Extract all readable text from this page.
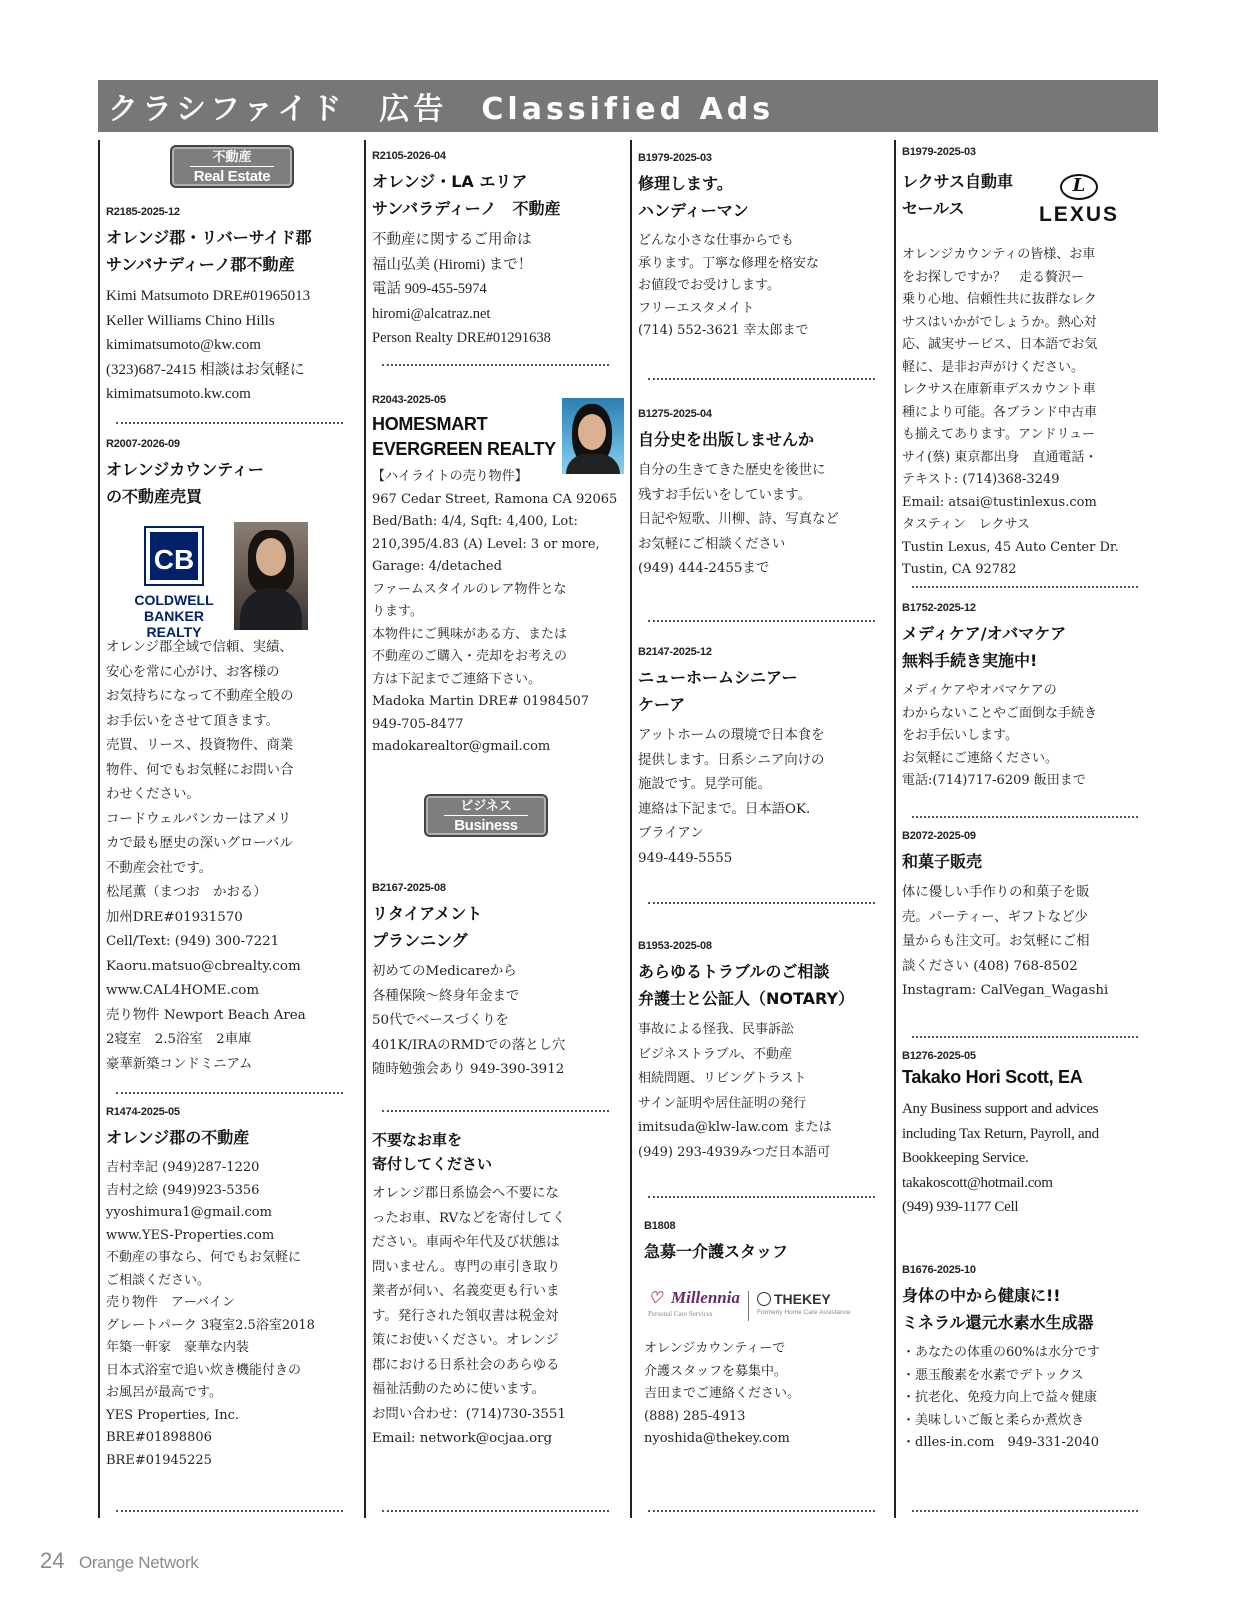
クラシファイド　広告　Classified Ads
不動産
Real Estate
R2185-2025-12
オレンジ郡・リバーサイド郡
サンバナディーノ郡不動産
Kimi Matsumoto DRE#01965013
Keller Williams Chino Hills
kimimatsumoto@kw.com
(323)687-2415 相談はお気軽に
kimimatsumoto.kw.com
R2007-2026-09
オレンジカウンティー
の不動産売買
CB
COLDWELL
BANKER
REALTY
オレンジ郡全域で信頼、実績、
安心を常に心がけ、お客様の
お気持ちになって不動産全般の
お手伝いをさせて頂きます。
売買、リース、投資物件、商業
物件、何でもお気軽にお問い合
わせください。
コードウェルバンカーはアメリ
カで最も歴史の深いグローバル
不動産会社です。
松尾薫（まつお　かおる）
加州DRE#01931570
Cell/Text: (949) 300-7221
Kaoru.matsuo@cbrealty.com
www.CAL4HOME.com
売り物件 Newport Beach Area
2寝室　2.5浴室　2車庫
豪華新築コンドミニアム
R1474-2025-05
オレンジ郡の不動産
吉村幸記 (949)287-1220
吉村之絵 (949)923-5356
yyoshimura1@gmail.com
www.YES-Properties.com
不動産の事なら、何でもお気軽に
ご相談ください。
売り物件　アーバイン
グレートパーク 3寝室2.5浴室2018
年築一軒家　豪華な内装
日本式浴室で追い炊き機能付きの
お風呂が最高です。
YES Properties, Inc.
BRE#01898806
BRE#01945225
R2105-2026-04
オレンジ・LA エリア
サンバラディーノ　不動産
不動産に関するご用命は
福山弘美 (Hiromi) まで！
電話 909-455-5974
hiromi@alcatraz.net
Person Realty DRE#01291638
R2043-2025-05
HOMESMART
EVERGREEN REALTY
【ハイライトの売り物件】
967 Cedar Street, Ramona CA 92065
Bed/Bath: 4/4, Sqft: 4,400, Lot:
210,395/4.83 (A) Level: 3 or more,
Garage: 4/detached
ファームスタイルのレア物件とな
ります。
本物件にご興味がある方、または
不動産のご購入・売却をお考えの
方は下記までご連絡下さい。
Madoka Martin DRE# 01984507
949-705-8477
madokarealtor@gmail.com
ビジネス
Business
B2167-2025-08
リタイアメント
プランニング
初めてのMedicareから
各種保険〜終身年金まで
50代でベースづくりを
401K/IRAのRMDでの落とし穴
随時勉強会あり 949-390-3912
不要なお車を
寄付してください
オレンジ郡日系協会へ不要にな
ったお車、RVなどを寄付してく
ださい。車両や年代及び状態は
問いません。専門の車引き取り
業者が伺い、名義変更も行いま
す。発行された領収書は税金対
策にお使いください。オレンジ
郡における日系社会のあらゆる
福祉活動のために使います。
お問い合わせ：(714)730-3551
Email: network@ocjaa.org
B1979-2025-03
修理します。
ハンディーマン
どんな小さな仕事からでも
承ります。丁寧な修理を格安な
お値段でお受けします。
フリーエスタメイト
(714) 552-3621 幸太郎まで
B1275-2025-04
自分史を出版しませんか
自分の生きてきた歴史を後世に
残すお手伝いをしています。
日記や短歌、川柳、詩、写真など
お気軽にご相談ください
(949) 444-2455まで
B2147-2025-12
ニューホームシニアー
ケーア
アットホームの環境で日本食を
提供します。日系シニア向けの
施設です。見学可能。
連絡は下記まで。日本語OK.
ブライアン
949-449-5555
B1953-2025-08
あらゆるトラブルのご相談
弁護士と公証人（NOTARY）
事故による怪我、民事訴訟
ビジネストラブル、不動産
相続問題、リビングトラスト
サイン証明や居住証明の発行
imitsuda@klw-law.com または
(949) 293-4939みつだ日本語可
B1808
急募一介護スタッフ
♡ Millennia
Personal Care Services
THEKEY
Formerly Home Care Assistance
オレンジカウンティーで
介護スタッフを募集中。
吉田までご連絡ください。
(888) 285-4913
nyoshida@thekey.com
B1979-2025-03
レクサス自動車
セールス
L
LEXUS
オレンジカウンティの皆様、お車
をお探しですか？　走る贅沢ー
乗り心地、信頼性共に抜群なレク
サスはいかがでしょうか。熱心対
応、誠実サービス、日本語でお気
軽に、是非お声がけください。
レクサス在庫新車デスカウント車
種により可能。各ブランド中古車
も揃えてあります。アンドリュー
サイ(蔡) 東京都出身　直通電話・
テキスト: (714)368-3249
Email: atsai@tustinlexus.com
タスティン　レクサス
Tustin Lexus, 45 Auto Center Dr.
Tustin, CA 92782
B1752-2025-12
メディケア/オバマケア
無料手続き実施中!
メディケアやオバマケアの
わからないことやご面倒な手続き
をお手伝いします。
お気軽にご連絡ください。
電話:(714)717-6209 飯田まで
B2072-2025-09
和菓子販売
体に優しい手作りの和菓子を販
売。パーティー、ギフトなど少
量からも注文可。お気軽にご相
談ください (408) 768-8502
Instagram: CalVegan_Wagashi
B1276-2025-05
Takako Hori Scott, EA
Any Business support and advices
including Tax Return, Payroll, and
Bookkeeping Service.
takakoscott@hotmail.com
(949) 939-1177 Cell
B1676-2025-10
身体の中から健康に!!
ミネラル還元水素水生成器
・あなたの体重の60%は水分です
・悪玉酸素を水素でデトックス
・抗老化、免疫力向上で益々健康
・美味しいご飯と柔らか煮炊き
・dlles-in.com　949-331-2040
24 Orange Network
